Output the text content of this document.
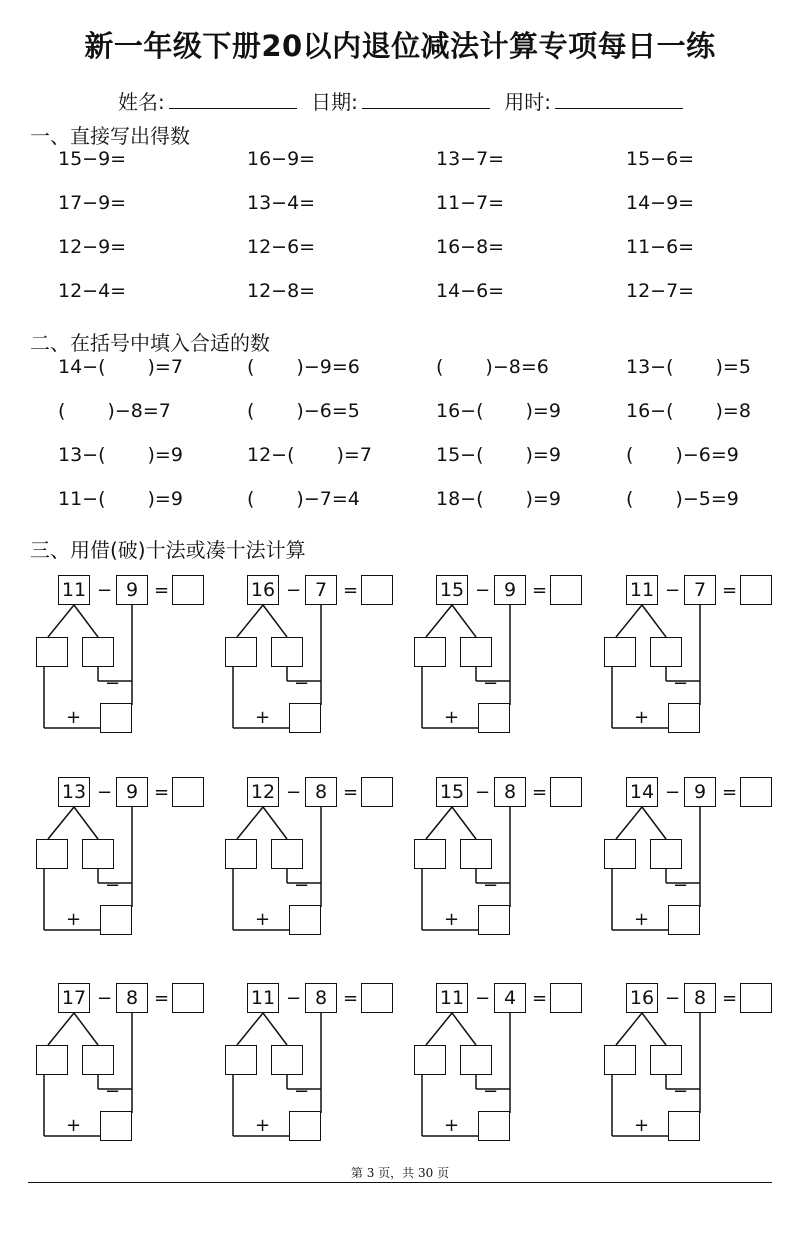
新一年级下册20以内退位减法计算专项每日一练
姓名:	日期:	用时:
一、直接写出得数
15−9=	16−9=	13−7=	15−6=
17−9=	13−4=	11−7=	14−9=
12−9=	12−6=	16−8=	11−6=
12−4=	12−8=	14−6=	12−7=
二、在括号中填入合适的数
14−( )=7	( )−9=6	( )−8=6	13−( )=5
( )−8=7	( )−6=5	16−( )=9	16−( )=8
13−( )=9	12−( )=7	15−( )=9	( )−6=9
11−( )=9	( )−7=4	18−( )=9	( )−5=9
三、用借(破)十法或凑十法计算
11 − 9 =
−
+
16 − 7 =
−
+
15 − 9 =
−
+
11 − 7 =
−
+
13 − 9 =
−
+
12 − 8 =
−
+
15 − 8 =
−
+
14 − 9 =
−
+
17 − 8 =
−
+
11 − 8 =
−
+
11 − 4 =
−
+
16 − 8 =
−
+
第 3 页，共 30 页
